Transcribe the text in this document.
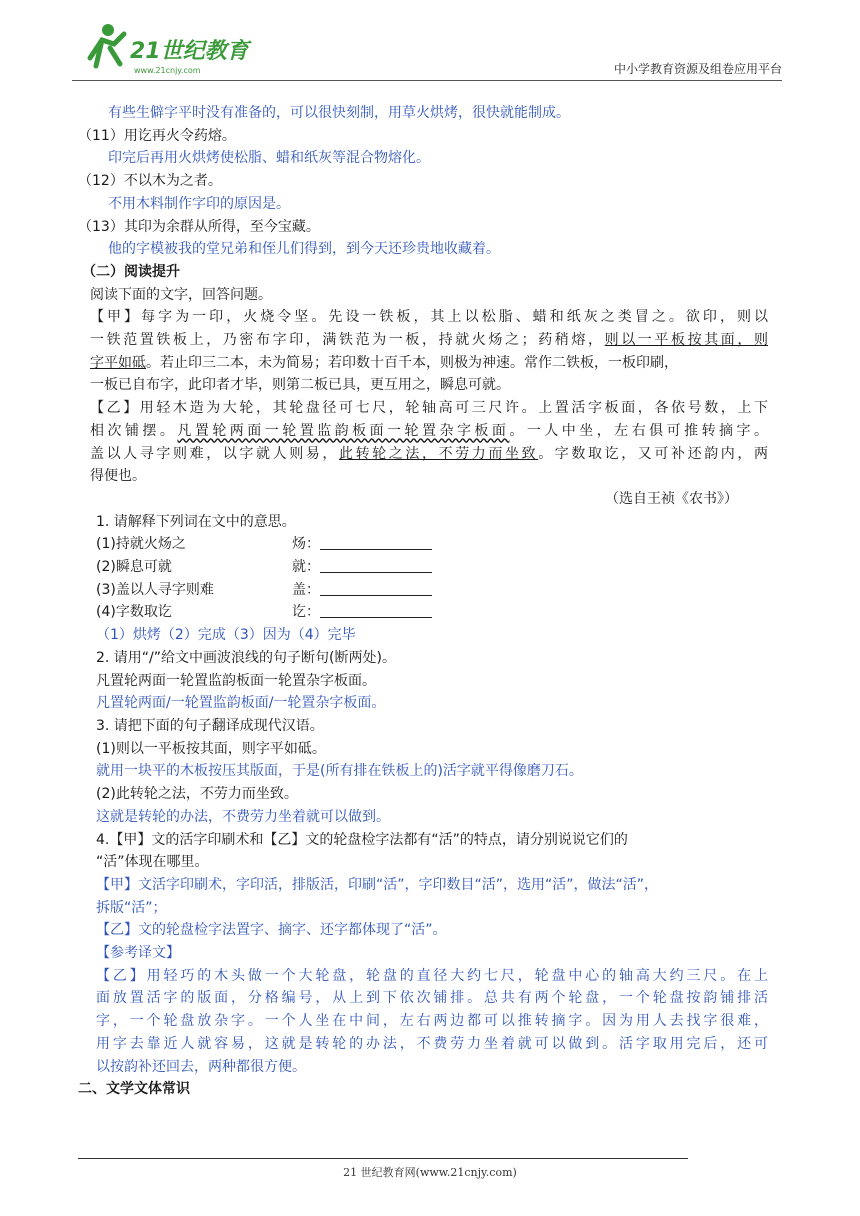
21世纪教育
www.21cnjy.com	中小学教育资源及组卷应用平台
有些生僻字平时没有准备的，可以很快刻制，用草火烘烤，很快就能制成。
（11）用讫再火令药熔。
印完后再用火烘烤使松脂、蜡和纸灰等混合物熔化。
（12）不以木为之者。
不用木料制作字印的原因是。
（13）其印为余群从所得，至今宝藏。
他的字模被我的堂兄弟和侄儿们得到，到今天还珍贵地收藏着。
（二）阅读提升
阅读下面的文字，回答问题。
【甲】每字为一印，火烧令坚。先设一铁板，其上以松脂、蜡和纸灰之类冒之。欲印，则以
一铁范置铁板上，乃密布字印，满铁范为一板，持就火炀之；药稍熔，则以一平板按其面，则
字平如砥。若止印三二本，未为简易；若印数十百千本，则极为神速。常作二铁板，一板印刷，
一板已自布字，此印者才毕，则第二板已具，更互用之，瞬息可就。
【乙】用轻木造为大轮，其轮盘径可七尺，轮轴高可三尺许。上置活字板面，各依号数，上下
相次铺摆。凡置轮两面一轮置监韵板面一轮置杂字板面。一人中坐，左右俱可推转摘字。
盖以人寻字则难，以字就人则易，此转轮之法，不劳力而坐致。字数取讫，又可补还韵内，两
得便也。
（选自王祯《农书》）
1. 请解释下列词在文中的意思。
(1)持就火炀之	炀：
(2)瞬息可就	就：
(3)盖以人寻字则难	盖：
(4)字数取讫	讫：
（1）烘烤（2）完成（3）因为（4）完毕
2. 请用“/”给文中画波浪线的句子断句(断两处)。
凡置轮两面一轮置监韵板面一轮置杂字板面。
凡置轮两面/一轮置监韵板面/一轮置杂字板面。
3. 请把下面的句子翻译成现代汉语。
(1)则以一平板按其面，则字平如砥。
就用一块平的木板按压其版面，于是(所有排在铁板上的)活字就平得像磨刀石。
(2)此转轮之法，不劳力而坐致。
这就是转轮的办法，不费劳力坐着就可以做到。
4.【甲】文的活字印刷术和【乙】文的轮盘检字法都有“活”的特点，请分别说说它们的
“活”体现在哪里。
【甲】文活字印刷术，字印活，排版活，印刷“活”，字印数目“活”，选用“活”，做法“活”，
拆版“活”；
【乙】文的轮盘检字法置字、摘字、还字都体现了“活”。
【参考译文】
【乙】用轻巧的木头做一个大轮盘，轮盘的直径大约七尺，轮盘中心的轴高大约三尺。在上
面放置活字的版面，分格编号，从上到下依次铺排。总共有两个轮盘，一个轮盘按韵铺排活
字，一个轮盘放杂字。一个人坐在中间，左右两边都可以推转摘字。因为用人去找字很难，
用字去靠近人就容易，这就是转轮的办法，不费劳力坐着就可以做到。活字取用完后，还可
以按韵补还回去，两种都很方便。
二、文学文体常识
21 世纪教育网(www.21cnjy.com)
